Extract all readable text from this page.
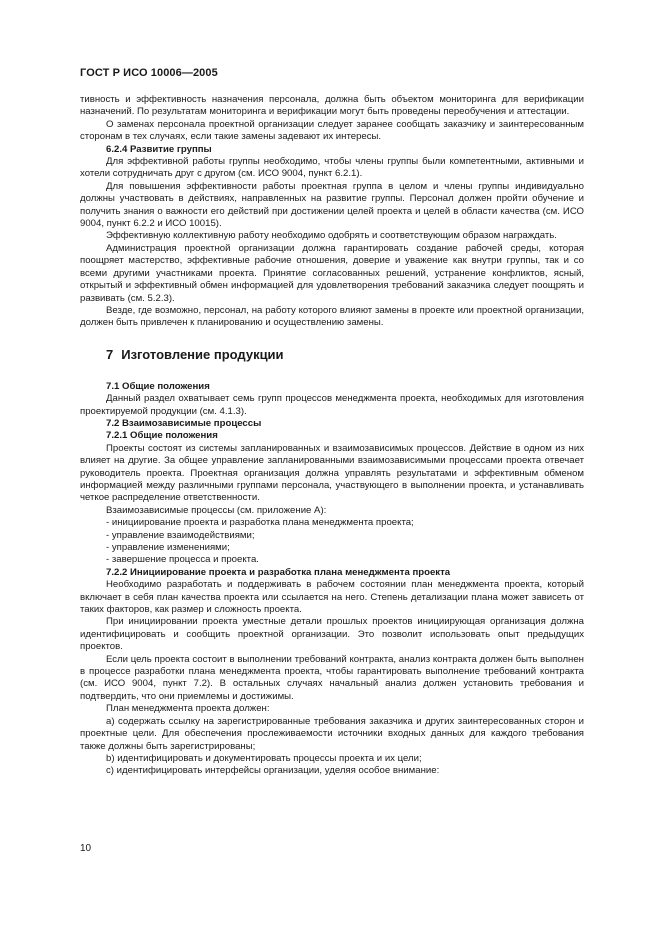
ГОСТ Р ИСО 10006—2005

тивность и эффективность назначения персонала, должна быть объектом мониторинга для верификации назначений. По результатам мониторинга и верификации могут быть проведены переобучения и аттестации.

О заменах персонала проектной организации следует заранее сообщать заказчику и заинтересованным сторонам в тех случаях, если такие замены задевают их интересы.

6.2.4 Развитие группы

Для эффективной работы группы необходимо, чтобы члены группы были компетентными, активными и хотели сотрудничать друг с другом (см. ИСО 9004, пункт 6.2.1).

Для повышения эффективности работы проектная группа в целом и члены группы индивидуально должны участвовать в действиях, направленных на развитие группы. Персонал должен пройти обучение и получить знания о важности его действий при достижении целей проекта и целей в области качества (см. ИСО 9004, пункт 6.2.2 и ИСО 10015).

Эффективную коллективную работу необходимо одобрять и соответствующим образом награждать.

Администрация проектной организации должна гарантировать создание рабочей среды, которая поощряет мастерство, эффективные рабочие отношения, доверие и уважение как внутри группы, так и со всеми другими участниками проекта. Принятие согласованных решений, устранение конфликтов, ясный, открытый и эффективный обмен информацией для удовлетворения требований заказчика следует поощрять и развивать (см. 5.2.3).

Везде, где возможно, персонал, на работу которого влияют замены в проекте или проектной организации, должен быть привлечен к планированию и осуществлению замены.

7 Изготовление продукции
7.1 Общие положения

Данный раздел охватывает семь групп процессов менеджмента проекта, необходимых для изготовления проектируемой продукции (см. 4.1.3).

7.2 Взаимозависимые процессы
7.2.1 Общие положения

Проекты состоят из системы запланированных и взаимозависимых процессов. Действие в одном из них влияет на другие. За общее управление запланированными взаимозависимыми процессами проекта отвечает руководитель проекта. Проектная организация должна управлять результатами и эффективным обменом информацией между различными группами персонала, участвующего в выполнении проекта, и устанавливать четкое распределение ответственности.

Взаимозависимые процессы (см. приложение А):

- инициирование проекта и разработка плана менеджмента проекта;
- управление взаимодействиями;
- управление изменениями;
- завершение процесса и проекта.
7.2.2 Инициирование проекта и разработка плана менеджмента проекта

Необходимо разработать и поддерживать в рабочем состоянии план менеджмента проекта, который включает в себя план качества проекта или ссылается на него. Степень детализации плана может зависеть от таких факторов, как размер и сложность проекта.

При инициировании проекта уместные детали прошлых проектов инициирующая организация должна идентифицировать и сообщить проектной организации. Это позволит использовать опыт предыдущих проектов.

Если цель проекта состоит в выполнении требований контракта, анализ контракта должен быть выполнен в процессе разработки плана менеджмента проекта, чтобы гарантировать выполнение требований контракта (см. ИСО 9004, пункт 7.2). В остальных случаях начальный анализ должен установить требования и подтвердить, что они приемлемы и достижимы.

План менеджмента проекта должен:

а) содержать ссылку на зарегистрированные требования заказчика и других заинтересованных сторон и проектные цели. Для обеспечения прослеживаемости источники входных данных для каждого требования также должны быть зарегистрированы;

b) идентифицировать и документировать процессы проекта и их цели;

c) идентифицировать интерфейсы организации, уделяя особое внимание:

10
